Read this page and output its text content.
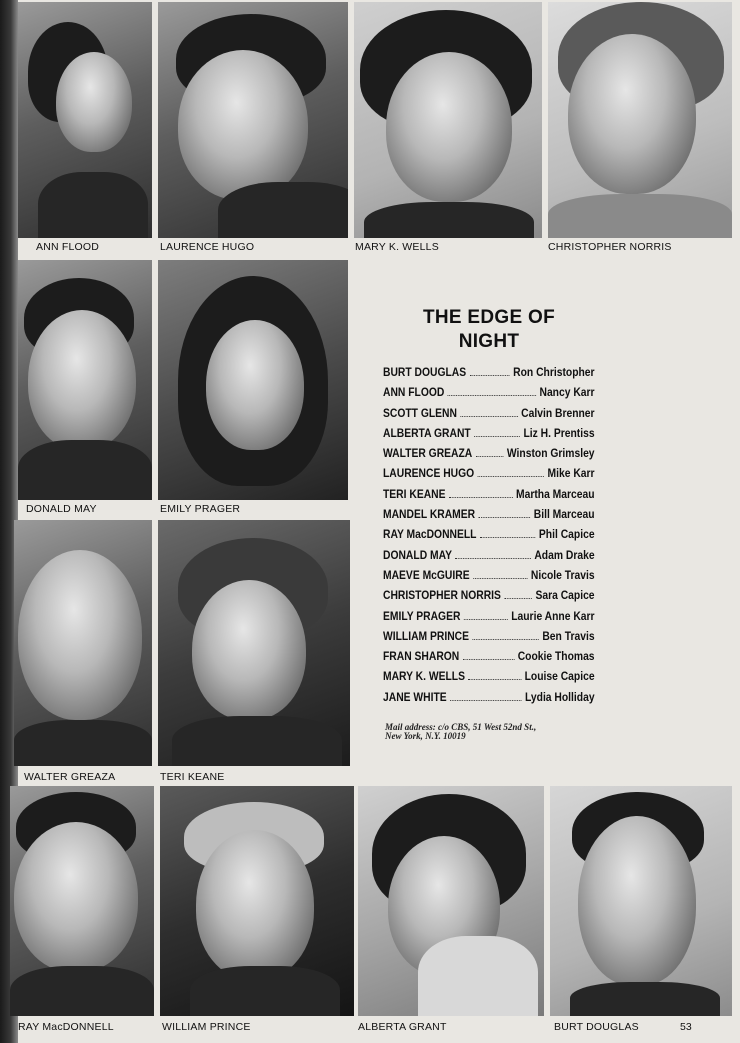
ANN FLOOD	LAURENCE HUGO	MARY K. WELLS	CHRISTOPHER NORRIS
DONALD MAY	EMILY PRAGER
WALTER GREAZA	TERI KEANE
RAY MacDONNELL	WILLIAM PRINCE	ALBERTA GRANT	BURT DOUGLAS	53
THE EDGE OF
NIGHT
BURT DOUGLAS	Ron Christopher
ANN FLOOD	Nancy Karr
SCOTT GLENN	Calvin Brenner
ALBERTA GRANT	Liz H. Prentiss
WALTER GREAZA	Winston Grimsley
LAURENCE HUGO	Mike Karr
TERI KEANE	Martha Marceau
MANDEL KRAMER	Bill Marceau
RAY MacDONNELL	Phil Capice
DONALD MAY	Adam Drake
MAEVE McGUIRE	Nicole Travis
CHRISTOPHER NORRIS	Sara Capice
EMILY PRAGER	Laurie Anne Karr
WILLIAM PRINCE	Ben Travis
FRAN SHARON	Cookie Thomas
MARY K. WELLS	Louise Capice
JANE WHITE	Lydia Holliday
Mail address: c/o CBS, 51 West 52nd St.,
New York, N.Y. 10019
